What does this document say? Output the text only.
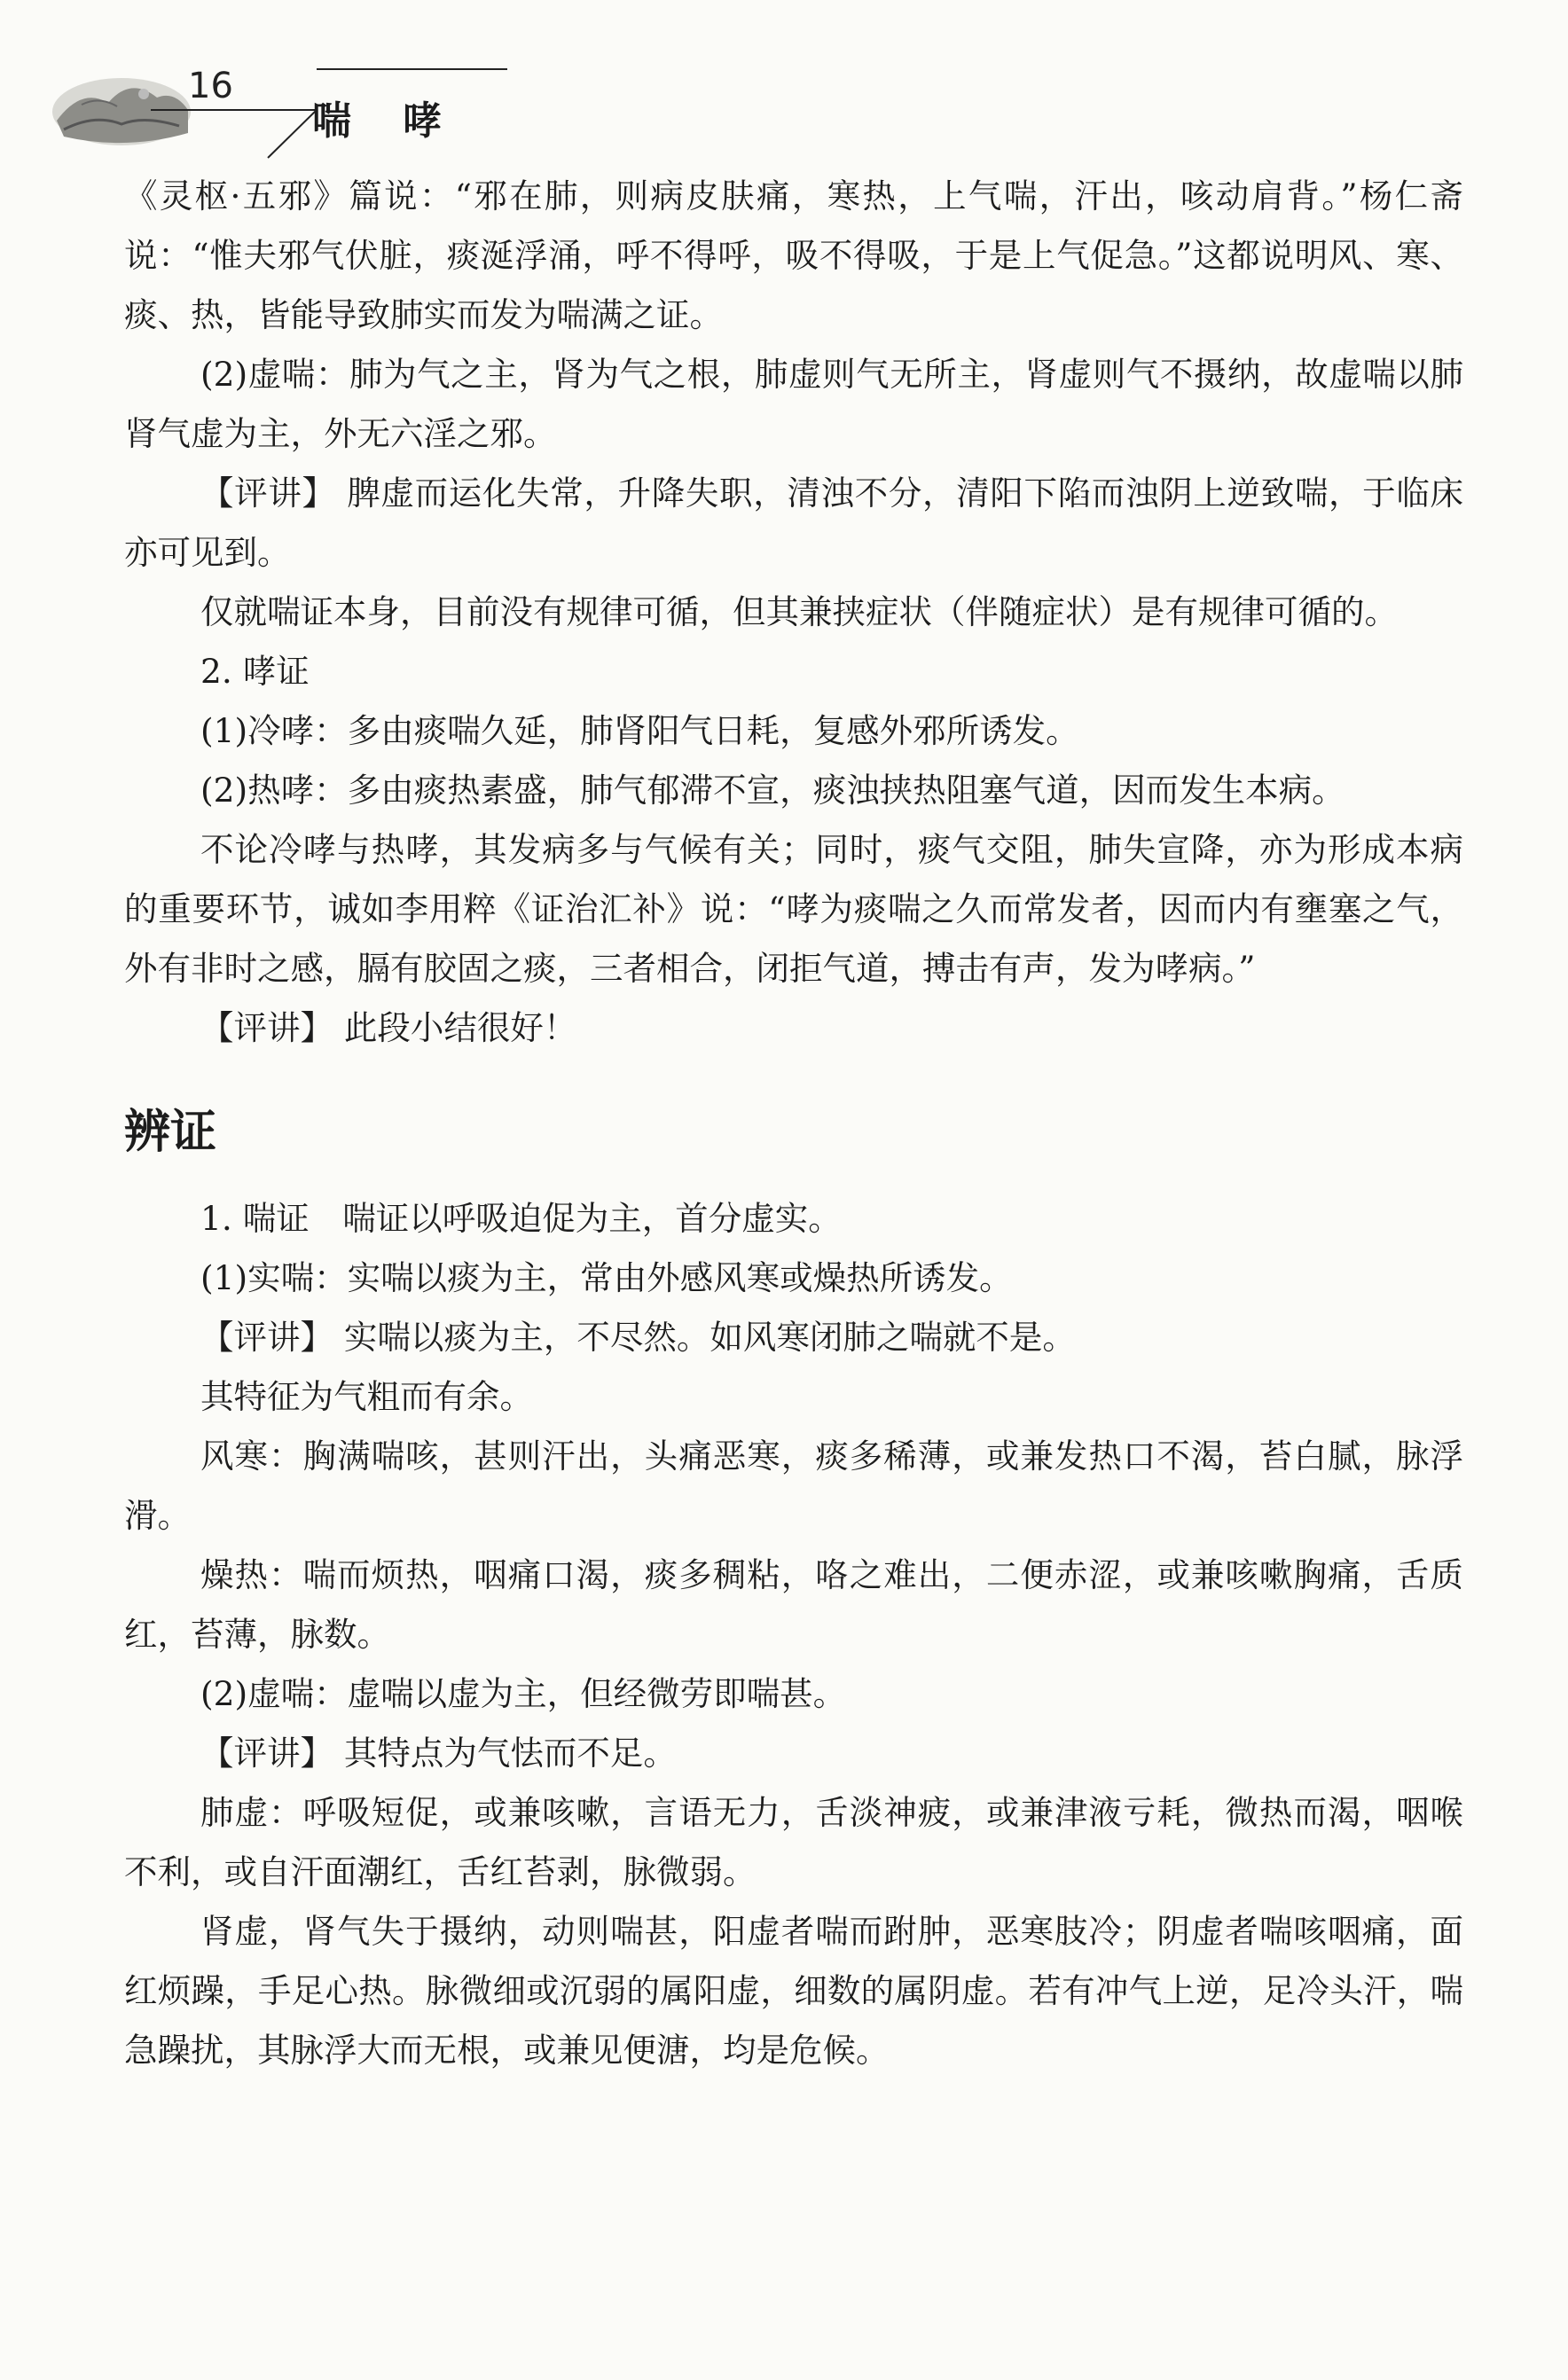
16
喘哮

《灵枢·五邪》篇说：“邪在肺，则病皮肤痛，寒热，上气喘，汗出，咳动肩背。”杨仁斋说：“惟夫邪气伏脏，痰涎浮涌，呼不得呼，吸不得吸，于是上气促急。”这都说明风、寒、痰、热，皆能导致肺实而发为喘满之证。

(2)虚喘：肺为气之主，肾为气之根，肺虚则气无所主，肾虚则气不摄纳，故虚喘以肺肾气虚为主，外无六淫之邪。

【评讲】 脾虚而运化失常，升降失职，清浊不分，清阳下陷而浊阴上逆致喘，于临床亦可见到。

仅就喘证本身，目前没有规律可循，但其兼挟症状（伴随症状）是有规律可循的。

2. 哮证

(1)冷哮：多由痰喘久延，肺肾阳气日耗，复感外邪所诱发。

(2)热哮：多由痰热素盛，肺气郁滞不宣，痰浊挟热阻塞气道，因而发生本病。

不论冷哮与热哮，其发病多与气候有关；同时，痰气交阻，肺失宣降，亦为形成本病的重要环节，诚如李用粹《证治汇补》说：“哮为痰喘之久而常发者，因而内有壅塞之气，外有非时之感，膈有胶固之痰，三者相合，闭拒气道，搏击有声，发为哮病。”

【评讲】 此段小结很好！

辨证

1. 喘证　喘证以呼吸迫促为主，首分虚实。

(1)实喘：实喘以痰为主，常由外感风寒或燥热所诱发。

【评讲】 实喘以痰为主，不尽然。如风寒闭肺之喘就不是。

其特征为气粗而有余。

风寒：胸满喘咳，甚则汗出，头痛恶寒，痰多稀薄，或兼发热口不渴，苔白腻，脉浮滑。

燥热：喘而烦热，咽痛口渴，痰多稠粘，咯之难出，二便赤涩，或兼咳嗽胸痛，舌质红，苔薄，脉数。

(2)虚喘：虚喘以虚为主，但经微劳即喘甚。

【评讲】 其特点为气怯而不足。

肺虚：呼吸短促，或兼咳嗽，言语无力，舌淡神疲，或兼津液亏耗，微热而渴，咽喉不利，或自汗面潮红，舌红苔剥，脉微弱。

肾虚，肾气失于摄纳，动则喘甚，阳虚者喘而跗肿，恶寒肢冷；阴虚者喘咳咽痛，面红烦躁，手足心热。脉微细或沉弱的属阳虚，细数的属阴虚。若有冲气上逆，足冷头汗，喘急躁扰，其脉浮大而无根，或兼见便溏，均是危候。
